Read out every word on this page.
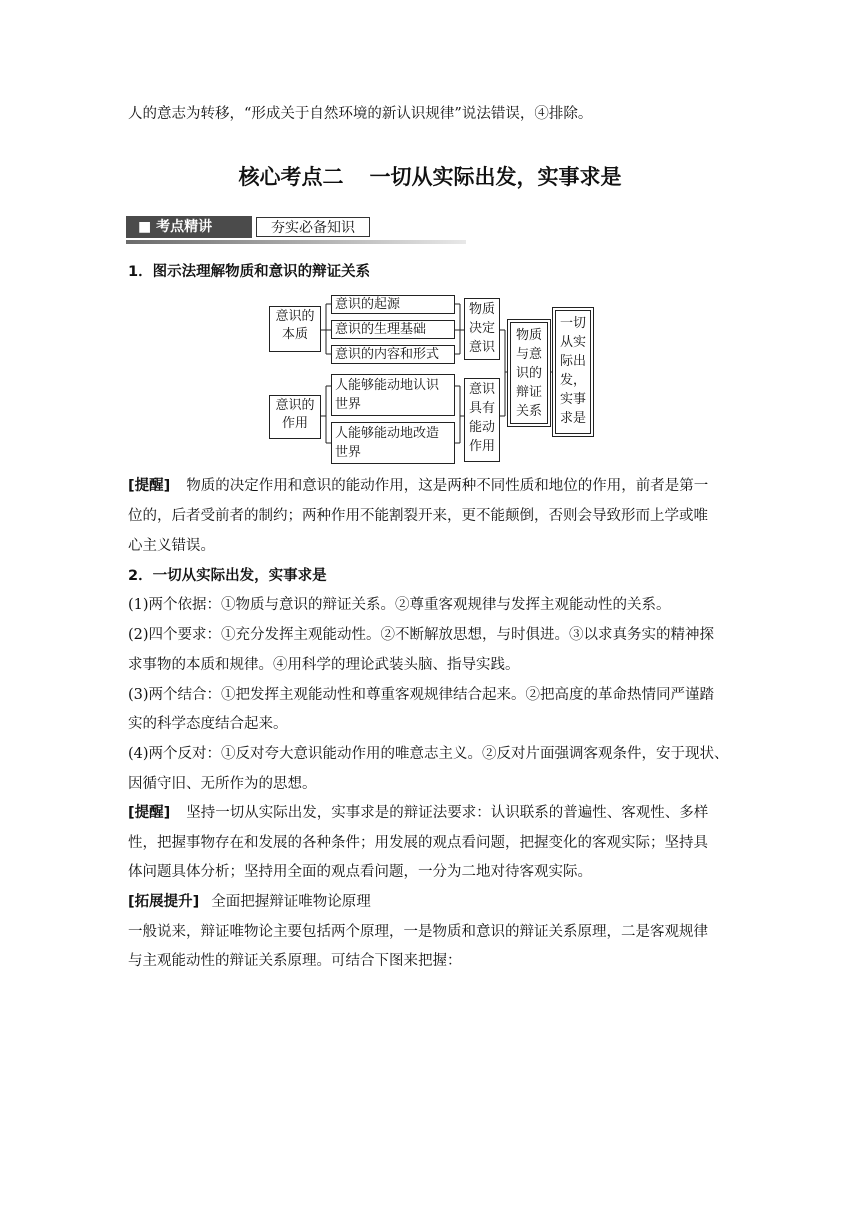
人的意志为转移，“形成关于自然环境的新认识规律”说法错误，④排除。
核心考点二 一切从实际出发，实事求是
■ 考点精讲	夯实必备知识
1．图示法理解物质和意识的辩证关系
意识的本质
意识的起源
意识的生理基础
意识的内容和形式
意识的作用
人能够能动地认识世界
人能够能动地改造世界
物质决定意识
意识具有能动作用
物质与意识的辩证关系
一切从实际出发，实事求是
[提醒] 物质的决定作用和意识的能动作用，这是两种不同性质和地位的作用，前者是第一
位的，后者受前者的制约；两种作用不能割裂开来，更不能颠倒，否则会导致形而上学或唯
心主义错误。
2．一切从实际出发，实事求是
(1)两个依据：①物质与意识的辩证关系。②尊重客观规律与发挥主观能动性的关系。
(2)四个要求：①充分发挥主观能动性。②不断解放思想，与时俱进。③以求真务实的精神探
求事物的本质和规律。④用科学的理论武装头脑、指导实践。
(3)两个结合：①把发挥主观能动性和尊重客观规律结合起来。②把高度的革命热情同严谨踏
实的科学态度结合起来。
(4)两个反对：①反对夸大意识能动作用的唯意志主义。②反对片面强调客观条件，安于现状、
因循守旧、无所作为的思想。
[提醒] 坚持一切从实际出发，实事求是的辩证法要求：认识联系的普遍性、客观性、多样
性，把握事物存在和发展的各种条件；用发展的观点看问题，把握变化的客观实际；坚持具
体问题具体分析；坚持用全面的观点看问题，一分为二地对待客观实际。
[拓展提升] 全面把握辩证唯物论原理
一般说来，辩证唯物论主要包括两个原理，一是物质和意识的辩证关系原理，二是客观规律
与主观能动性的辩证关系原理。可结合下图来把握：
